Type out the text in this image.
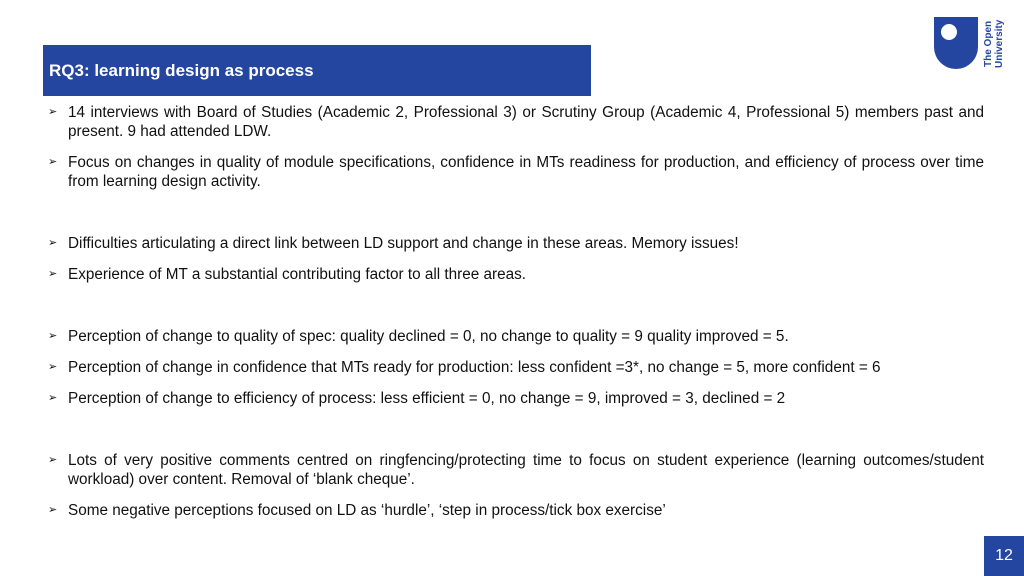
RQ3: learning design as process
The Open
University
➢ 14 interviews with Board of Studies (Academic 2, Professional 3) or Scrutiny Group (Academic 4, Professional 5) members past and present. 9 had attended LDW.
➢ Focus on changes in quality of module specifications, confidence in MTs readiness for production, and efficiency of process over time from learning design activity.
➢ Difficulties articulating a direct link between LD support and change in these areas. Memory issues!
➢ Experience of MT a substantial contributing factor to all three areas.
➢ Perception of change to quality of spec: quality declined = 0, no change to quality = 9 quality improved = 5.
➢ Perception of change in confidence that MTs ready for production: less confident =3*, no change = 5, more confident = 6
➢ Perception of change to efficiency of process: less efficient = 0, no change = 9, improved = 3, declined = 2
➢ Lots of very positive comments centred on ringfencing/protecting time to focus on student experience (learning outcomes/student workload) over content. Removal of ‘blank cheque’.
➢ Some negative perceptions focused on LD as ‘hurdle’, ‘step in process/tick box exercise’
12
